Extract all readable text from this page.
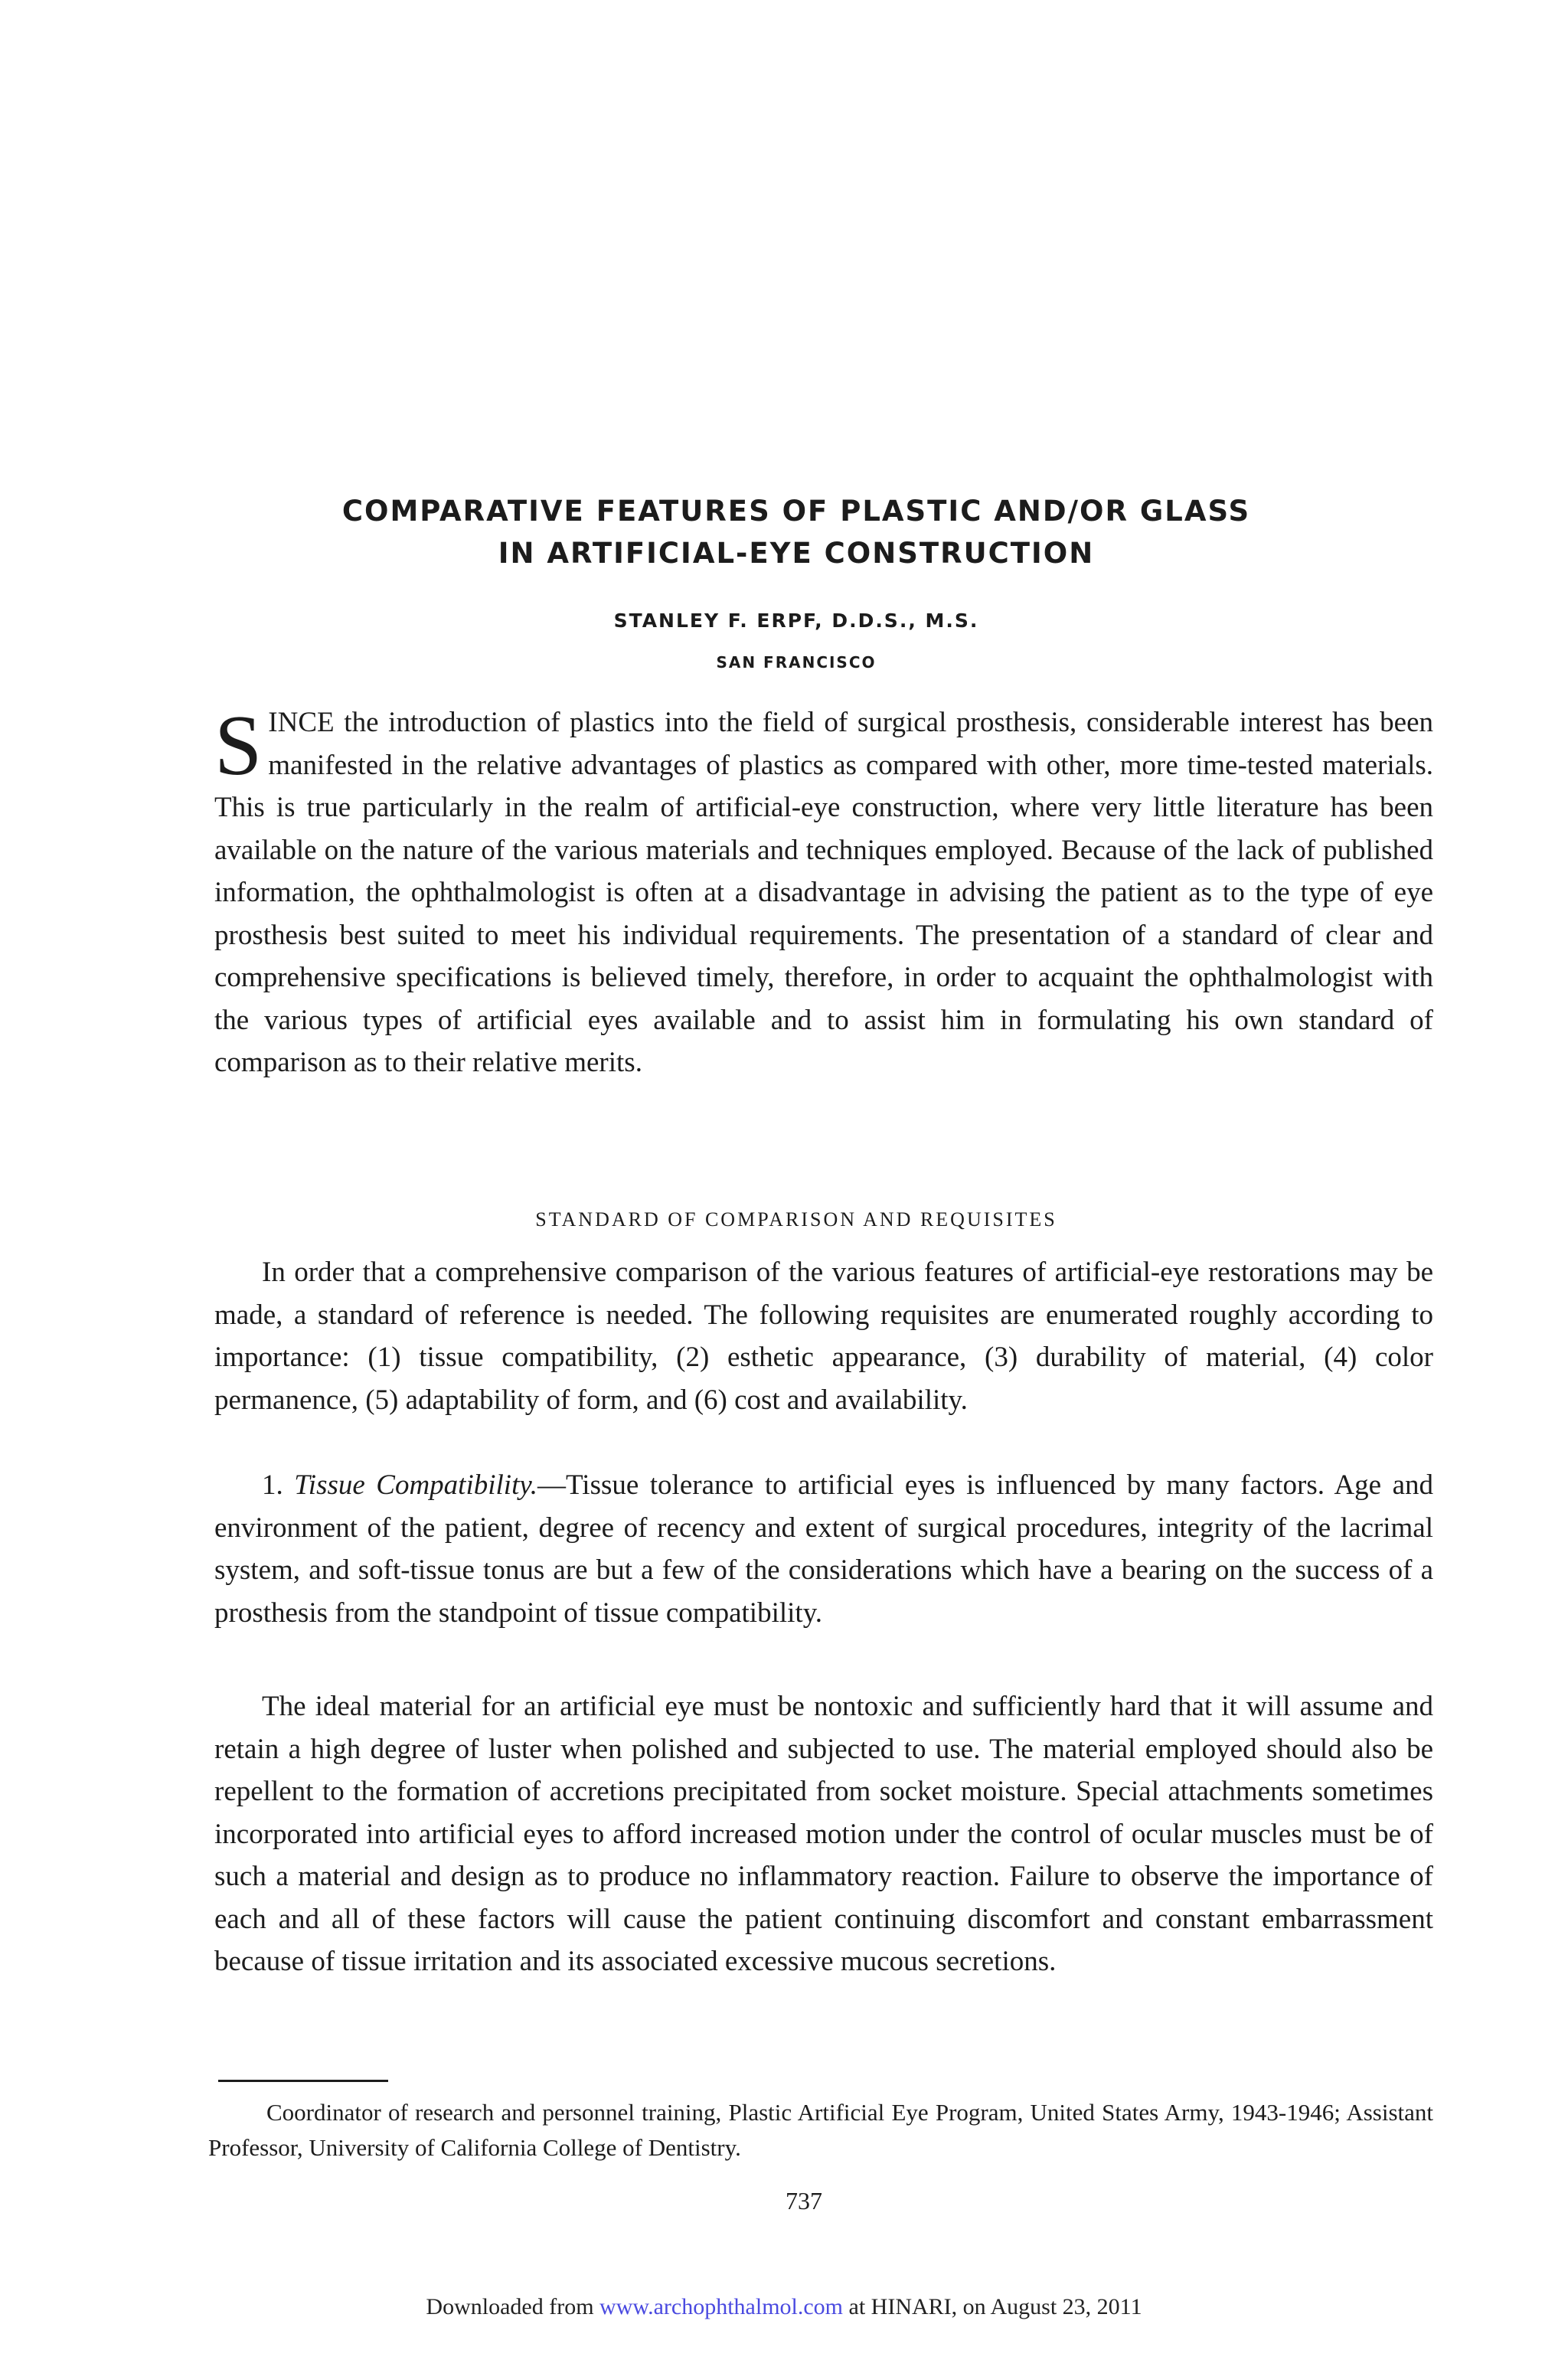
COMPARATIVE FEATURES OF PLASTIC AND/OR GLASS
IN ARTIFICIAL-EYE CONSTRUCTION
STANLEY F. ERPF, D.D.S., M.S.
SAN FRANCISCO

SINCE the introduction of plastics into the field of surgical prosthesis, considerable interest has been manifested in the relative advantages of plastics as compared with other, more time-tested materials. This is true particularly in the realm of artificial-eye construction, where very little literature has been available on the nature of the various materials and techniques employed. Because of the lack of published information, the ophthalmologist is often at a disadvantage in advising the patient as to the type of eye prosthesis best suited to meet his individual requirements. The presentation of a standard of clear and comprehensive specifications is believed timely, therefore, in order to acquaint the ophthalmologist with the various types of artificial eyes available and to assist him in formulating his own standard of comparison as to their relative merits.

STANDARD OF COMPARISON AND REQUISITES

In order that a comprehensive comparison of the various features of artificial-eye restorations may be made, a standard of reference is needed. The following requisites are enumerated roughly according to importance: (1) tissue compatibility, (2) esthetic appearance, (3) durability of material, (4) color permanence, (5) adaptability of form, and (6) cost and availability.

1. Tissue Compatibility.—Tissue tolerance to artificial eyes is influenced by many factors. Age and environment of the patient, degree of recency and extent of surgical procedures, integrity of the lacrimal system, and soft-tissue tonus are but a few of the considerations which have a bearing on the success of a prosthesis from the standpoint of tissue compatibility.

The ideal material for an artificial eye must be nontoxic and sufficiently hard that it will assume and retain a high degree of luster when polished and subjected to use. The material employed should also be repellent to the formation of accretions precipitated from socket moisture. Special attachments sometimes incorporated into artificial eyes to afford increased motion under the control of ocular muscles must be of such a material and design as to produce no inflammatory reaction. Failure to observe the importance of each and all of these factors will cause the patient continuing discomfort and constant embarrassment because of tissue irritation and its associated excessive mucous secretions.

Coordinator of research and personnel training, Plastic Artificial Eye Program, United States Army, 1943-1946; Assistant Professor, University of California College of Dentistry.

737
Downloaded from www.archophthalmol.com at HINARI, on August 23, 2011
